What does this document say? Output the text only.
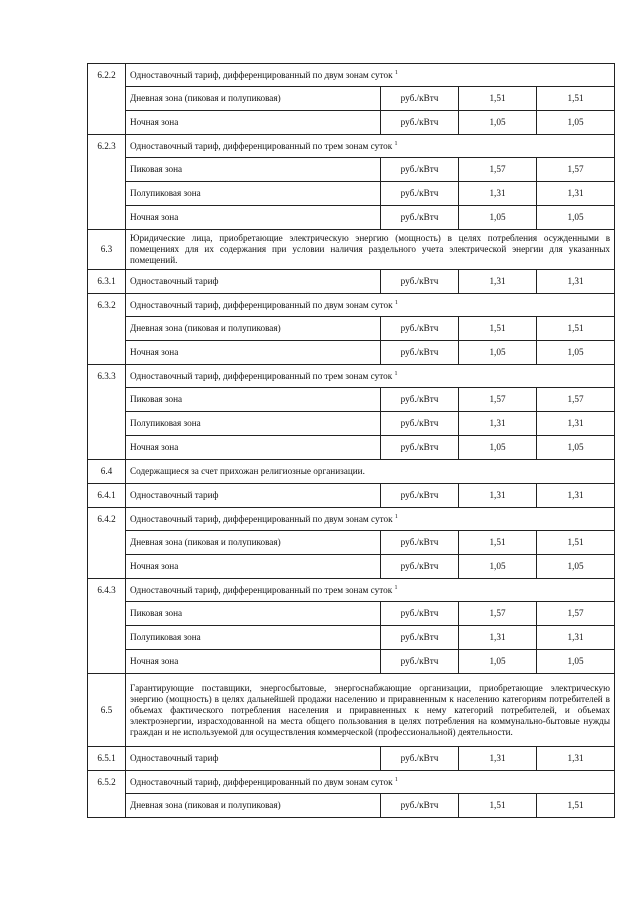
6.2.2	Одноставочный тариф, дифференцированный по двум зонам суток $^1$
	Дневная зона (пиковая и полупиковая)	руб./кВтч	1,51	1,51
	Ночная зона	руб./кВтч	1,05	1,05
6.2.3	Одноставочный тариф, дифференцированный по трем зонам суток $^1$
	Пиковая зона	руб./кВтч	1,57	1,57
	Полупиковая зона	руб./кВтч	1,31	1,31
	Ночная зона	руб./кВтч	1,05	1,05
6.3	Юридические лица, приобретающие электрическую энергию (мощность) в целях потребления осужденными в помещениях для их содержания при условии наличия раздельного учета электрической энергии для указанных помещений.			
6.3.1	Одноставочный тариф	руб./кВтч	1,31	1,31
6.3.2	Одноставочный тариф, дифференцированный по двум зонам суток $^1$
	Дневная зона (пиковая и полупиковая)	руб./кВтч	1,51	1,51
	Ночная зона	руб./кВтч	1,05	1,05
6.3.3	Одноставочный тариф, дифференцированный по трем зонам суток $^1$
	Пиковая зона	руб./кВтч	1,57	1,57
	Полупиковая зона	руб./кВтч	1,31	1,31
	Ночная зона	руб./кВтч	1,05	1,05
6.4	Содержащиеся за счет прихожан религиозные организации.			
6.4.1	Одноставочный тариф	руб./кВтч	1,31	1,31
6.4.2	Одноставочный тариф, дифференцированный по двум зонам суток $^1$
	Дневная зона (пиковая и полупиковая)	руб./кВтч	1,51	1,51
	Ночная зона	руб./кВтч	1,05	1,05
6.4.3	Одноставочный тариф, дифференцированный по трем зонам суток $^1$
	Пиковая зона	руб./кВтч	1,57	1,57
	Полупиковая зона	руб./кВтч	1,31	1,31
	Ночная зона	руб./кВтч	1,05	1,05
6.5	Гарантирующие поставщики, энергосбытовые, энергоснабжающие организации, приобретающие электрическую энергию (мощность) в целях дальнейшей продажи населению и приравненным к населению категориям потребителей в объемах фактического потребления населения и приравненных к нему категорий потребителей, и объемах электроэнергии, израсходованной на места общего пользования в целях потребления на коммунально-бытовые нужды граждан и не используемой для осуществления коммерческой (профессиональной) деятельности.			
6.5.1	Одноставочный тариф	руб./кВтч	1,31	1,31
6.5.2	Одноставочный тариф, дифференцированный по двум зонам суток $^1$
	Дневная зона (пиковая и полупиковая)	руб./кВтч	1,51	1,51
